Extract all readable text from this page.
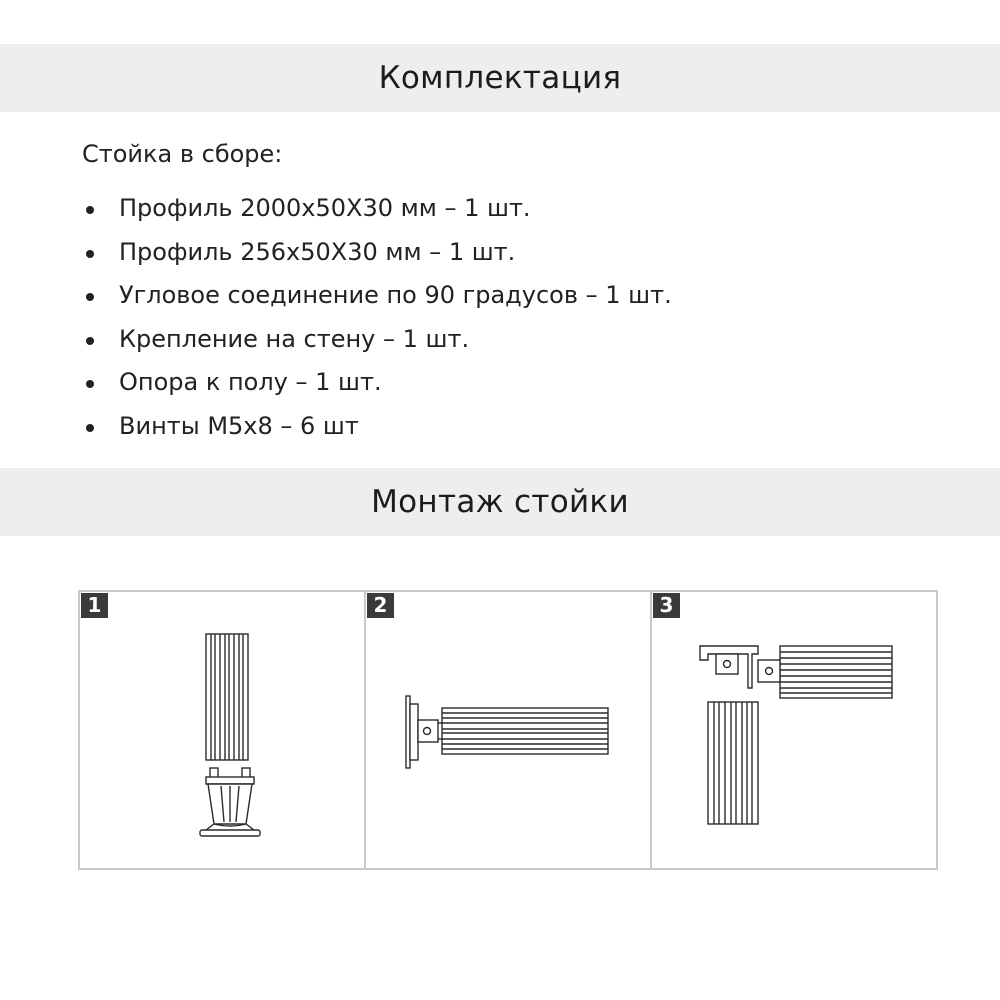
Комплектация
Стойка в сборе:
Профиль 2000х50Х30 мм – 1 шт.
Профиль 256х50Х30 мм – 1 шт.
Угловое соединение по 90 градусов – 1 шт.
Крепление на стену – 1 шт.
Опора к полу – 1 шт.
Винты М5х8 – 6 шт
Монтаж стойки
1	2	3
